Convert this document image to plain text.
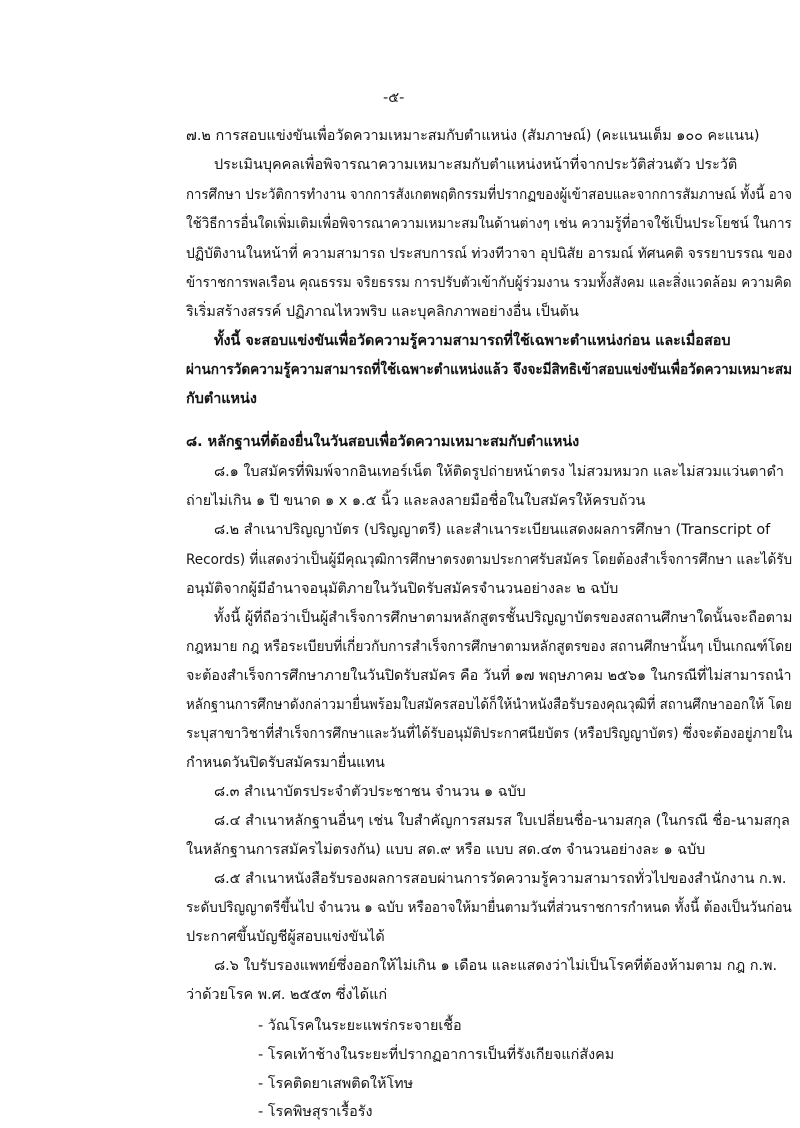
-๕-
๗.๒ การสอบแข่งขันเพื่อวัดความเหมาะสมกับตำแหน่ง (สัมภาษณ์) (คะแนนเต็ม ๑๐๐ คะแนน)
ประเมินบุคคลเพื่อพิจารณาความเหมาะสมกับตำแหน่งหน้าที่จากประวัติส่วนตัว ประวัติ
การศึกษา ประวัติการทำงาน จากการสังเกตพฤติกรรมที่ปรากฏของผู้เข้าสอบและจากการสัมภาษณ์ ทั้งนี้ อาจ
ใช้วิธีการอื่นใดเพิ่มเติมเพื่อพิจารณาความเหมาะสมในด้านต่างๆ เช่น ความรู้ที่อาจใช้เป็นประโยชน์ ในการ
ปฏิบัติงานในหน้าที่ ความสามารถ ประสบการณ์ ท่วงทีวาจา อุปนิสัย อารมณ์ ทัศนคติ จรรยาบรรณ ของ
ข้าราชการพลเรือน คุณธรรม จริยธรรม การปรับตัวเข้ากับผู้ร่วมงาน รวมทั้งสังคม และสิ่งแวดล้อม ความคิด
ริเริ่มสร้างสรรค์ ปฏิภาณไหวพริบ และบุคลิกภาพอย่างอื่น เป็นต้น
ทั้งนี้ จะสอบแข่งขันเพื่อวัดความรู้ความสามารถที่ใช้เฉพาะตำแหน่งก่อน และเมื่อสอบ
ผ่านการวัดความรู้ความสามารถที่ใช้เฉพาะตำแหน่งแล้ว จึงจะมีสิทธิเข้าสอบแข่งขันเพื่อวัดความเหมาะสม
กับตำแหน่ง
๘. หลักฐานที่ต้องยื่นในวันสอบเพื่อวัดความเหมาะสมกับตำแหน่ง
๘.๑ ใบสมัครที่พิมพ์จากอินเทอร์เน็ต ให้ติดรูปถ่ายหน้าตรง ไม่สวมหมวก และไม่สวมแว่นตาดำ
ถ่ายไม่เกิน ๑ ปี ขนาด ๑ x ๑.๕ นิ้ว และลงลายมือชื่อในใบสมัครให้ครบถ้วน
๘.๒ สำเนาปริญญาบัตร (ปริญญาตรี) และสำเนาระเบียนแสดงผลการศึกษา (Transcript of
Records) ที่แสดงว่าเป็นผู้มีคุณวุฒิการศึกษาตรงตามประกาศรับสมัคร โดยต้องสำเร็จการศึกษา และได้รับ
อนุมัติจากผู้มีอำนาจอนุมัติภายในวันปิดรับสมัครจำนวนอย่างละ ๒ ฉบับ
ทั้งนี้ ผู้ที่ถือว่าเป็นผู้สำเร็จการศึกษาตามหลักสูตรชั้นปริญญาบัตรของสถานศึกษาใดนั้นจะถือตาม
กฎหมาย กฎ หรือระเบียบที่เกี่ยวกับการสำเร็จการศึกษาตามหลักสูตรของ สถานศึกษานั้นๆ เป็นเกณฑ์โดย
จะต้องสำเร็จการศึกษาภายในวันปิดรับสมัคร คือ วันที่ ๑๗ พฤษภาคม ๒๕๖๑ ในกรณีที่ไม่สามารถนำ
หลักฐานการศึกษาดังกล่าวมายื่นพร้อมใบสมัครสอบได้ก็ให้นำหนังสือรับรองคุณวุฒิที่ สถานศึกษาออกให้ โดย
ระบุสาขาวิชาที่สำเร็จการศึกษาและวันที่ได้รับอนุมัติประกาศนียบัตร (หรือปริญญาบัตร) ซึ่งจะต้องอยู่ภายใน
กำหนดวันปิดรับสมัครมายื่นแทน
๘.๓ สำเนาบัตรประจำตัวประชาชน จำนวน ๑ ฉบับ
๘.๔ สำเนาหลักฐานอื่นๆ เช่น ใบสำคัญการสมรส ใบเปลี่ยนชื่อ-นามสกุล (ในกรณี ชื่อ-นามสกุล
ในหลักฐานการสมัครไม่ตรงกัน) แบบ สด.๙ หรือ แบบ สด.๔๓ จำนวนอย่างละ ๑ ฉบับ
๘.๕ สำเนาหนังสือรับรองผลการสอบผ่านการวัดความรู้ความสามารถทั่วไปของสำนักงาน ก.พ.
ระดับปริญญาตรีขึ้นไป จำนวน ๑ ฉบับ หรืออาจให้มายื่นตามวันที่ส่วนราชการกำหนด ทั้งนี้ ต้องเป็นวันก่อน
ประกาศขึ้นบัญชีผู้สอบแข่งขันได้
๘.๖ ใบรับรองแพทย์ซึ่งออกให้ไม่เกิน ๑ เดือน และแสดงว่าไม่เป็นโรคที่ต้องห้ามตาม กฎ ก.พ.
ว่าด้วยโรค พ.ศ. ๒๕๕๓ ซึ่งได้แก่
- วัณโรคในระยะแพร่กระจายเชื้อ
- โรคเท้าช้างในระยะที่ปรากฏอาการเป็นที่รังเกียจแก่สังคม
- โรคติดยาเสพติดให้โทษ
- โรคพิษสุราเรื้อรัง
